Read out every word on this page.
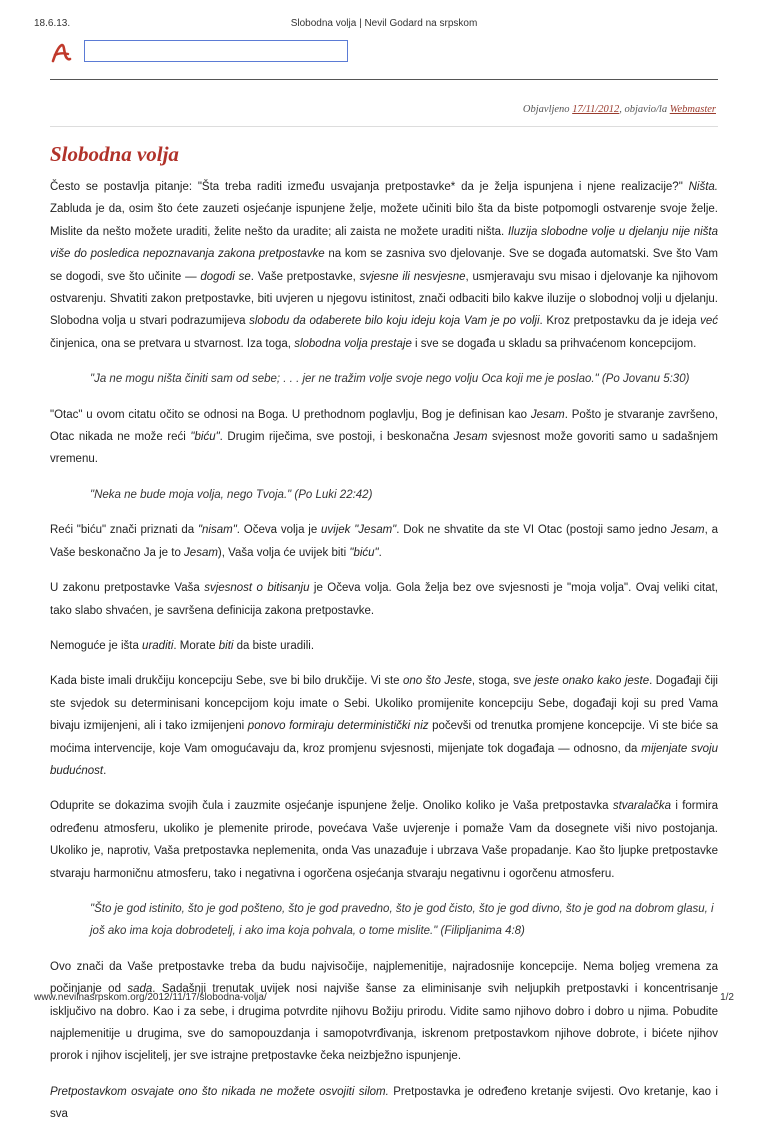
18.6.13.	Slobodna volja | Nevil Godard na srpskom
Objavljeno 17/11/2012, objavio/la Webmaster
Slobodna volja

Često se postavlja pitanje: "Šta treba raditi između usvajanja pretpostavke* da je želja ispunjena i njene realizacije?" Ništa. Zabluda je da, osim što ćete zauzeti osjećanje ispunjene želje, možete učiniti bilo šta da biste potpomogli ostvarenje svoje želje. Mislite da nešto možete uraditi, želite nešto da uradite; ali zaista ne možete uraditi ništa. Iluzija slobodne volje u djelanju nije ništa više do posledica nepoznavanja zakona pretpostavke na kom se zasniva svo djelovanje. Sve se događa automatski. Sve što Vam se dogodi, sve što učinite — dogodi se. Vaše pretpostavke, svjesne ili nesvjesne, usmjeravaju svu misao i djelovanje ka njihovom ostvarenju. Shvatiti zakon pretpostavke, biti uvjeren u njegovu istinitost, znači odbaciti bilo kakve iluzije o slobodnoj volji u djelanju. Slobodna volja u stvari podrazumijeva slobodu da odaberete bilo koju ideju koja Vam je po volji. Kroz pretpostavku da je ideja već činjenica, ona se pretvara u stvarnost. Iza toga, slobodna volja prestaje i sve se događa u skladu sa prihvaćenom koncepcijom.

"Ja ne mogu ništa činiti sam od sebe; . . . jer ne tražim volje svoje nego volju Oca koji me je poslao." (Po Jovanu 5:30)

"Otac" u ovom citatu očito se odnosi na Boga. U prethodnom poglavlju, Bog je definisan kao Jesam. Pošto je stvaranje završeno, Otac nikada ne može reći "biću". Drugim riječima, sve postoji, i beskonačna Jesam svjesnost može govoriti samo u sadašnjem vremenu.

"Neka ne bude moja volja, nego Tvoja." (Po Luki 22:42)

Reći "biću" znači priznati da "nisam". Očeva volja je uvijek "Jesam". Dok ne shvatite da ste VI Otac (postoji samo jedno Jesam, a Vaše beskonačno Ja je to Jesam), Vaša volja će uvijek biti "biću".

U zakonu pretpostavke Vaša svjesnost o bitisanju je Očeva volja. Gola želja bez ove svjesnosti je "moja volja". Ovaj veliki citat, tako slabo shvaćen, je savršena definicija zakona pretpostavke.

Nemoguće je išta uraditi. Morate biti da biste uradili.

Kada biste imali drukčiju koncepciju Sebe, sve bi bilo drukčije. Vi ste ono što Jeste, stoga, sve jeste onako kako jeste. Događaji čiji ste svjedok su determinisani koncepcijom koju imate o Sebi. Ukoliko promijenite koncepciju Sebe, događaji koji su pred Vama bivaju izmijenjeni, ali i tako izmijenjeni ponovo formiraju deterministički niz počevši od trenutka promjene koncepcije. Vi ste biće sa moćima intervencije, koje Vam omogućavaju da, kroz promjenu svjesnosti, mijenjate tok događaja — odnosno, da mijenjate svoju budućnost.

Oduprite se dokazima svojih čula i zauzmite osjećanje ispunjene želje. Onoliko koliko je Vaša pretpostavka stvaralačka i formira određenu atmosferu, ukoliko je plemenite prirode, povećava Vaše uvjerenje i pomaže Vam da dosegnete viši nivo postojanja. Ukoliko je, naprotiv, Vaša pretpostavka neplemenita, onda Vas unazađuje i ubrzava Vaše propadanje. Kao što ljupke pretpostavke stvaraju harmoničnu atmosferu, tako i negativna i ogorčena osjećanja stvaraju negativnu i ogorčenu atmosferu.

"Što je god istinito, što je god pošteno, što je god pravedno, što je god čisto, što je god divno, što je god na dobrom glasu, i još ako ima koja dobrodetelj, i ako ima koja pohvala, o tome mislite." (Filipljanima 4:8)

Ovo znači da Vaše pretpostavke treba da budu najvisočije, najplemenitije, najradosnije koncepcije. Nema boljeg vremena za počinjanje od sada. Sadašnji trenutak uvijek nosi najviše šanse za eliminisanje svih neljupkih pretpostavki i koncentrisanje isključivo na dobro. Kao i za sebe, i drugima potvrdite njihovu Božiju prirodu. Vidite samo njihovo dobro i dobro u njima. Pobudite najplemenitije u drugima, sve do samopouzdanja i samopotvrđivanja, iskrenom pretpostavkom njihove dobrote, i bićete njihov prorok i njihov iscjelitelj, jer sve istrajne pretpostavke čeka neizbježno ispunjenje.

Pretpostavkom osvajate ono što nikada ne možete osvojiti silom. Pretpostavka je određeno kretanje svijesti. Ovo kretanje, kao i sva

www.nevilnasrpskom.org/2012/11/17/slobodna-volja/	1/2
